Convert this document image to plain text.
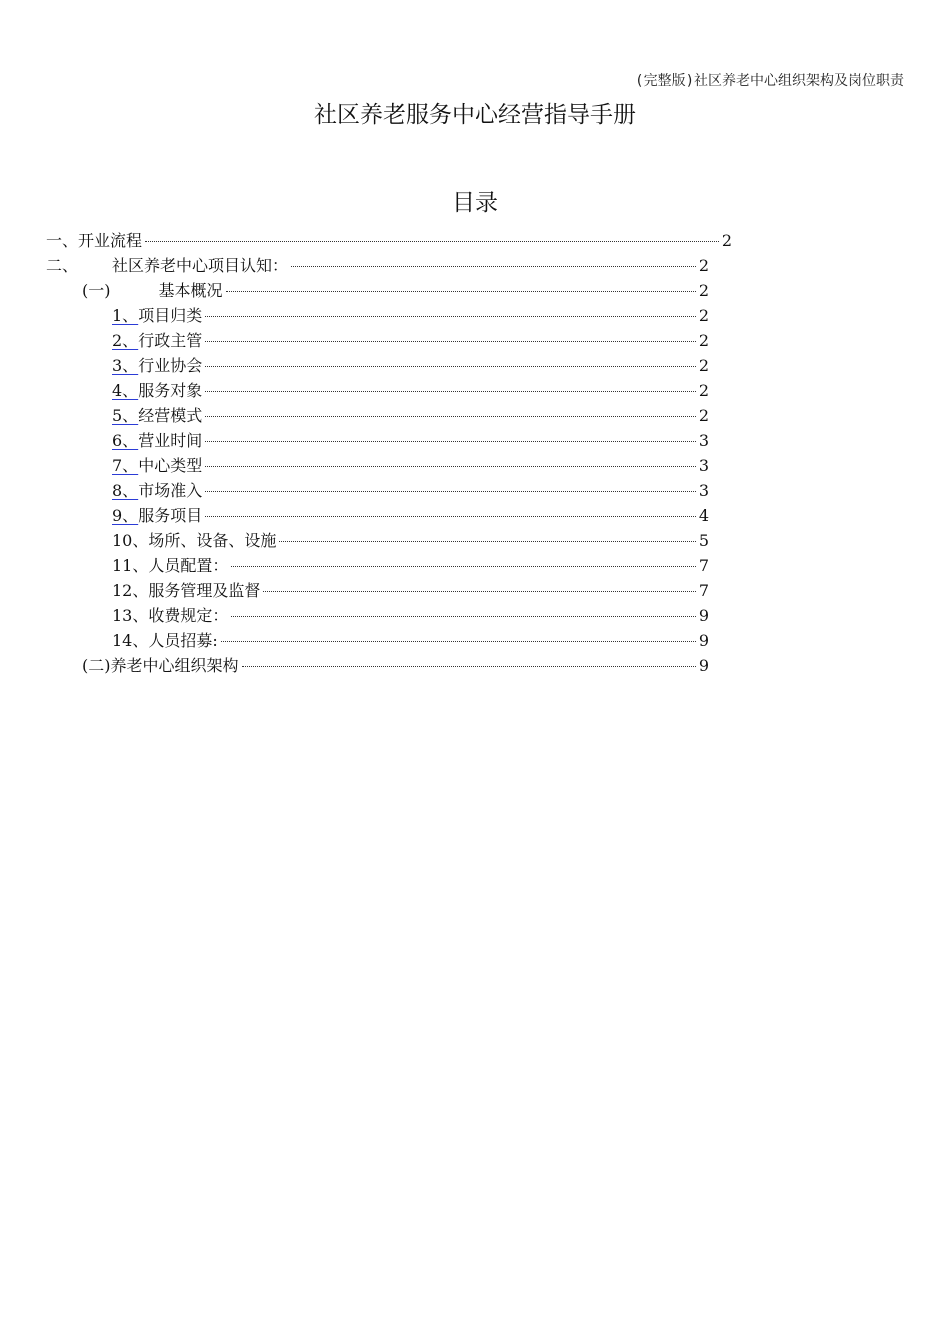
(完整版)社区养老中心组织架构及岗位职责
社区养老服务中心经营指导手册
目录
一、 开业流程	2
二、 社区养老中心项目认知：	2
(一)	基本概况	2
1、 项目归类	2
2、 行政主管	2
3、 行业协会	2
4、 服务对象	2
5、 经营模式	2
6、 营业时间	3
7、 中心类型	3
8、 市场准入	3
9、 服务项目	4
10、 场所、设备、设施	5
11、 人员配置：	7
12、 服务管理及监督	7
13、 收费规定：	9
14、 人员招募:	9
(二) 养老中心组织架构	9
